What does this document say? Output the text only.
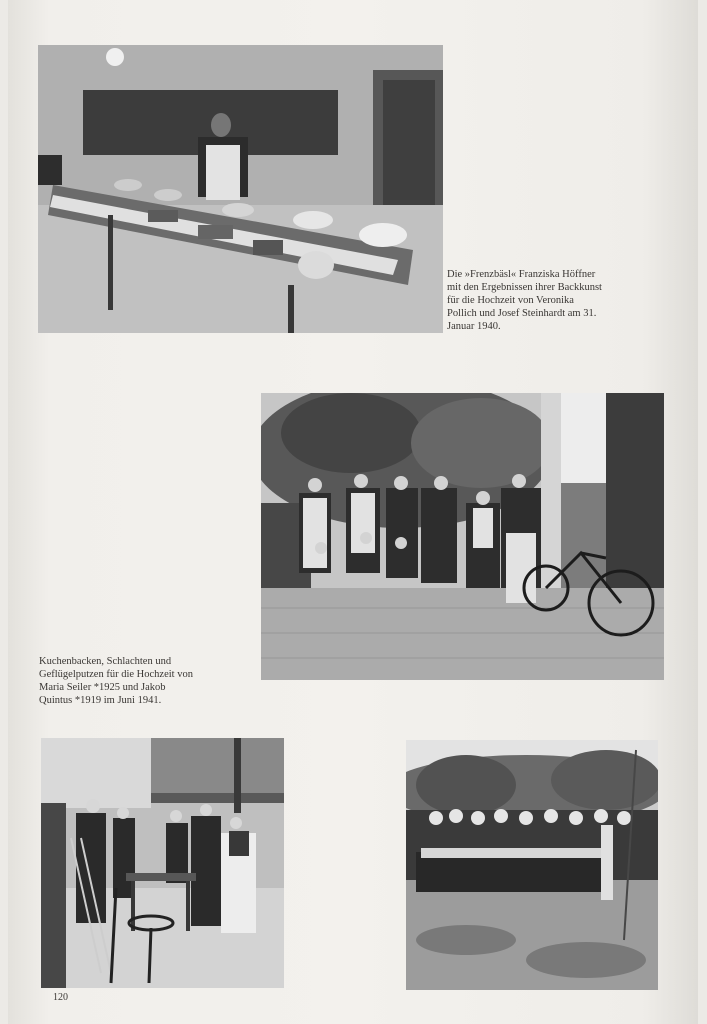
Die »Frenzbäsl« Franziska Höffner
mit den Ergebnissen ihrer Backkunst
für die Hochzeit von Veronika
Pollich und Josef Steinhardt am 31.
Januar 1940.
Kuchenbacken, Schlachten und
Geflügelputzen für die Hochzeit von
Maria Seiler *1925 und Jakob
Quintus *1919 im Juni 1941.
120
